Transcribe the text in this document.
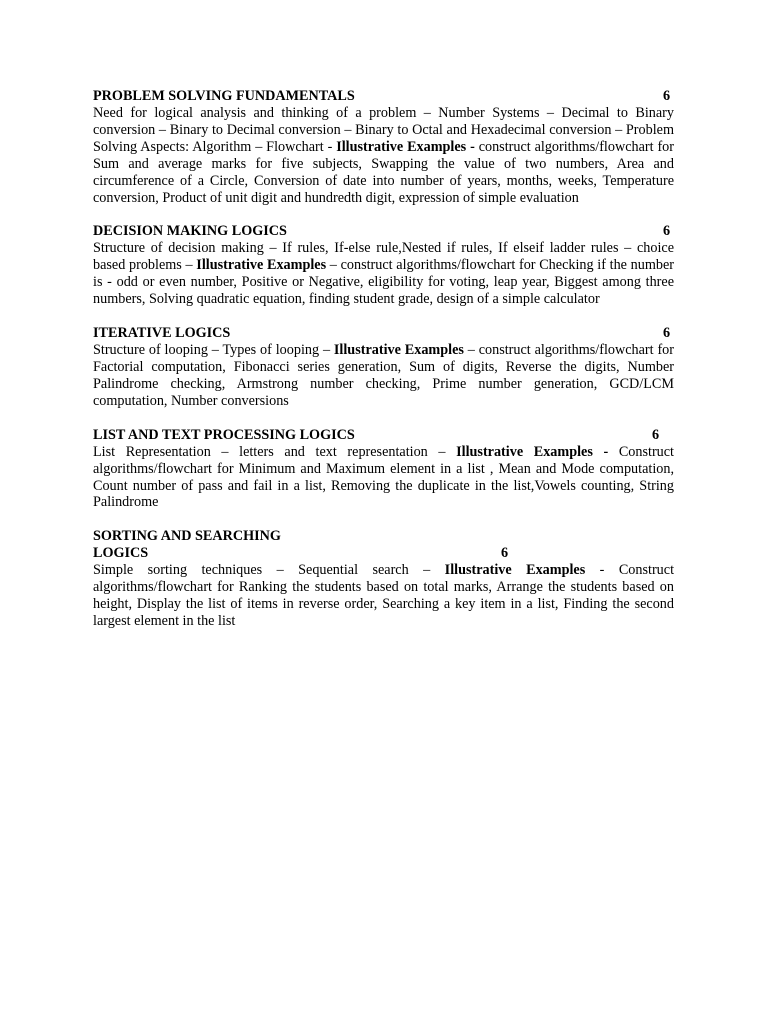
PROBLEM SOLVING FUNDAMENTALS	6
Need for logical analysis and thinking of a problem – Number Systems – Decimal to Binary conversion – Binary to Decimal conversion – Binary to Octal and Hexadecimal conversion – Problem Solving Aspects: Algorithm – Flowchart - Illustrative Examples - construct algorithms/flowchart for Sum and average marks for five subjects, Swapping the value of two numbers, Area and circumference of a Circle, Conversion of date into number of years, months, weeks, Temperature conversion, Product of unit digit and hundredth digit, expression of simple evaluation
DECISION MAKING LOGICS	6
Structure of decision making – If rules, If-else rule,Nested if rules, If elseif ladder rules – choice based problems – Illustrative Examples – construct algorithms/flowchart for Checking if the number is - odd or even number, Positive or Negative, eligibility for voting, leap year, Biggest among three numbers, Solving quadratic equation, finding student grade, design of a simple calculator
ITERATIVE LOGICS	6
Structure of looping – Types of looping – Illustrative Examples – construct algorithms/flowchart for Factorial computation, Fibonacci series generation, Sum of digits, Reverse the digits, Number Palindrome checking, Armstrong number checking, Prime number generation, GCD/LCM computation, Number conversions
LIST AND TEXT PROCESSING LOGICS	6
List Representation – letters and text representation – Illustrative Examples - Construct algorithms/flowchart for Minimum and Maximum element in a list , Mean and Mode computation, Count number of pass and fail in a list, Removing the duplicate in the list,Vowels counting, String Palindrome
SORTING AND SEARCHING
LOGICS	6
Simple sorting techniques – Sequential search – Illustrative Examples - Construct algorithms/flowchart for Ranking the students based on total marks, Arrange the students based on height, Display the list of items in reverse order, Searching a key item in a list, Finding the second largest element in the list
